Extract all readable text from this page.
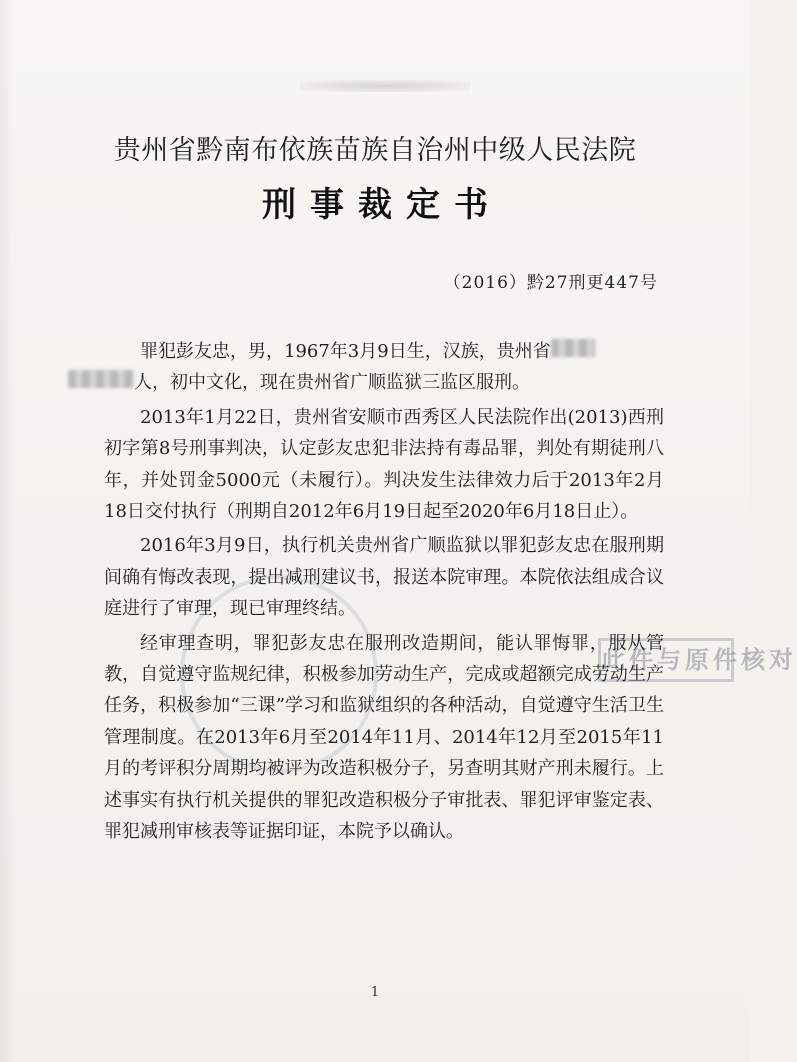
贵州省黔南布依族苗族自治州中级人民法院
刑事裁定书
（2016）黔27刑更447号
此件与原件核对

罪犯彭友忠，男，1967年3月9日生，汉族，贵州省
人，初中文化，现在贵州省广顺监狱三监区服刑。

2013年1月22日，贵州省安顺市西秀区人民法院作出(2013)西刑初字第8号刑事判决，认定彭友忠犯非法持有毒品罪，判处有期徒刑八年，并处罚金5000元（未履行）。判决发生法律效力后于2013年2月18日交付执行（刑期自2012年6月19日起至2020年6月18日止）。

2016年3月9日，执行机关贵州省广顺监狱以罪犯彭友忠在服刑期间确有悔改表现，提出减刑建议书，报送本院审理。本院依法组成合议庭进行了审理，现已审理终结。

经审理查明，罪犯彭友忠在服刑改造期间，能认罪悔罪，服从管教，自觉遵守监规纪律，积极参加劳动生产，完成或超额完成劳动生产任务，积极参加“三课”学习和监狱组织的各种活动，自觉遵守生活卫生管理制度。在2013年6月至2014年11月、2014年12月至2015年11月的考评积分周期均被评为改造积极分子，另查明其财产刑未履行。上述事实有执行机关提供的罪犯改造积极分子审批表、罪犯评审鉴定表、罪犯减刑审核表等证据印证，本院予以确认。

1
